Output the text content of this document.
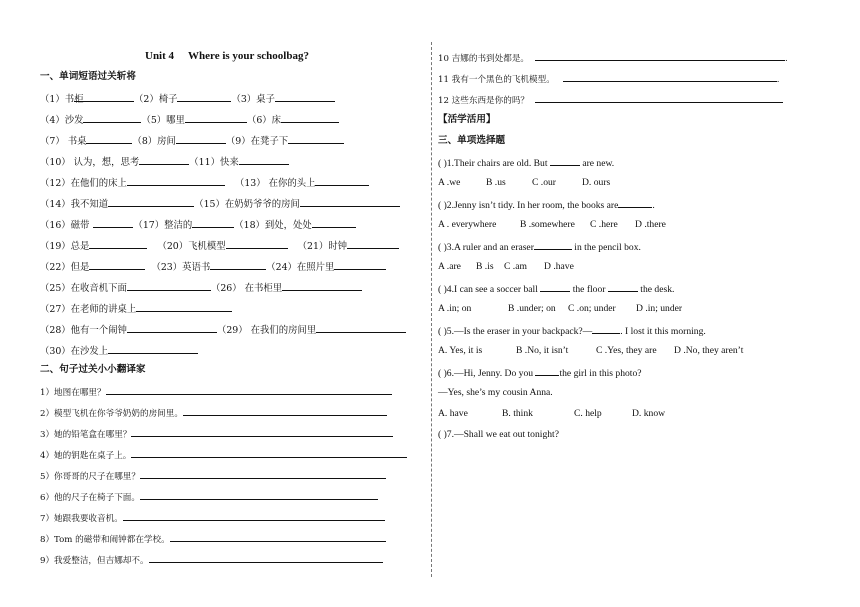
Unit 4 Where is your schoolbag?
一、单词短语过关斩将
（1）书柜	（2）椅子	（3）桌子
（4）沙发	（5）哪里	（6）床
（7） 书桌	（8）房间	（9）在凳子下
（10） 认为，想，思考	（11）快来
（12）在他们的床上	（13） 在你的头上
（14）我不知道	（15）在奶奶爷爷的房间
（16）磁带	（17）整洁的	（18）到处，处处
（19）总是	（20）飞机模型	（21）时钟
（22）但是	（23）英语书	（24）在照片里
（25）在收音机下面	（26） 在书柜里
（27）在老师的讲桌上
（28）他有一个闹钟	（29） 在我们的房间里
（30）在沙发上
二、句子过关小小翻译家
1）地图在哪里？
2）模型飞机在你爷爷奶奶的房间里。
3）她的铅笔盒在哪里？
4）她的钥匙在桌子上。
5）你哥哥的尺子在哪里？
6）他的尺子在椅子下面。
7）她跟我要收音机。
8）Tom 的磁带和闹钟都在学校。
9）我爱整洁，但吉娜却不。
10 吉娜的书到处都是。	.
11 我有一个黑色的飞机模型。	.
12 这些东西是你的吗？
【活学活用】
三、单项选择题
( )1.Their chairs are old. But	are new.
A .we	B .us	C .our	D. ours
( )2.Jenny isn’t tidy. In her room, the books are	.
A . everywhere B .somewhere C .here D .there
( )3.A ruler and an eraser	in the pencil box.
A .are B .is C .am D .have
( )4.I can see a soccer ball	the floor	the desk.
A .in; on	B .under; on C .on; under D .in; under
( )5.—Is the eraser in your backpack?—	. I lost it this morning.
A. Yes, it is	B .No, it isn’t	C .Yes, they are D .No, they aren’t
( )6.—Hi, Jenny. Do you	the girl in this photo?
—Yes, she’s my cousin Anna.
A. have	B. think	C. help	D. know
( )7.—Shall we eat out tonight?
